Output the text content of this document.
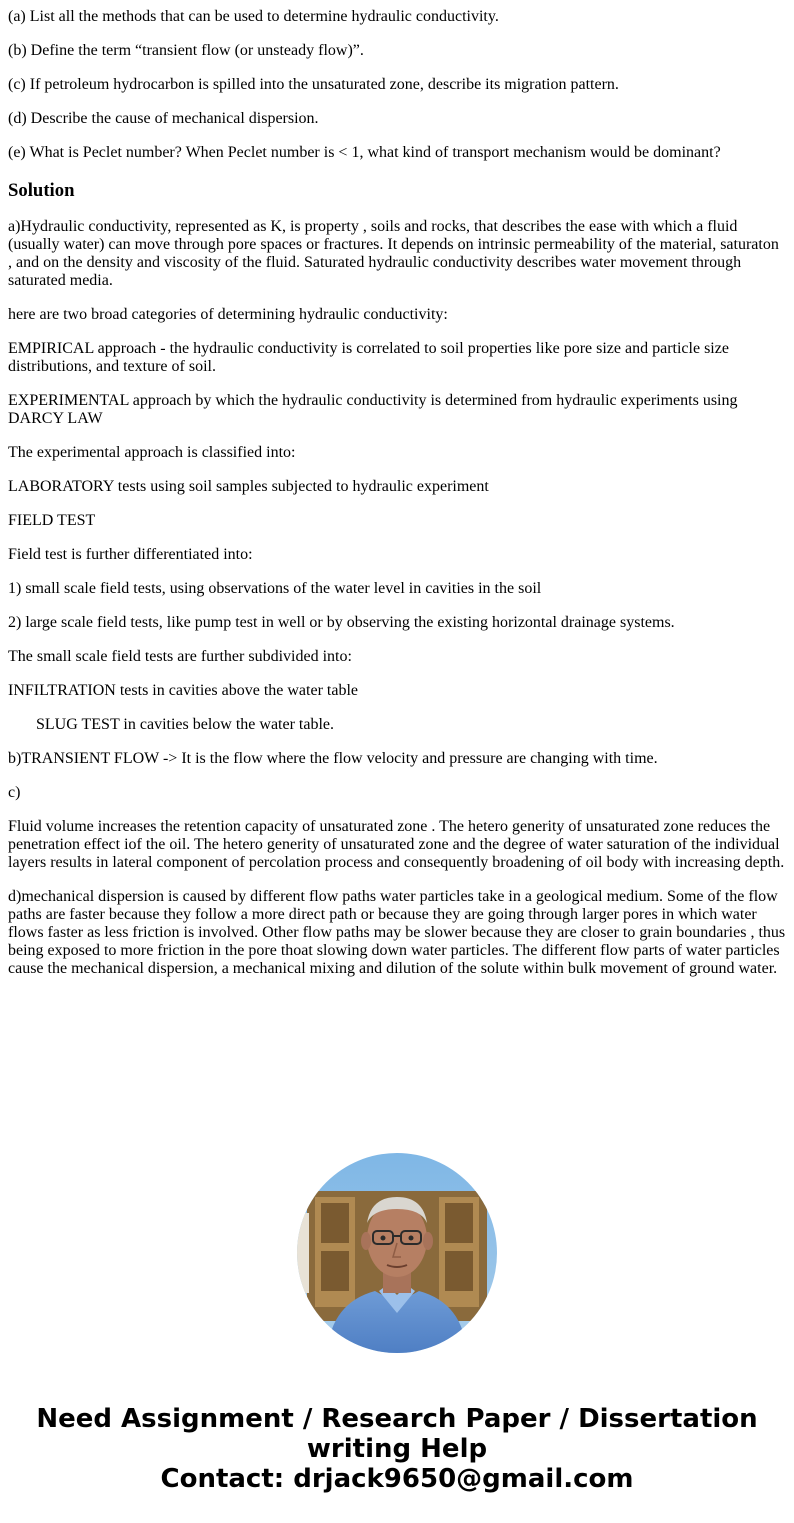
(a) List all the methods that can be used to determine hydraulic conductivity.

(b) Define the term “transient flow (or unsteady flow)”.

(c) If petroleum hydrocarbon is spilled into the unsaturated zone, describe its migration pattern.

(d) Describe the cause of mechanical dispersion.

(e) What is Peclet number? When Peclet number is < 1, what kind of transport mechanism would be dominant?

Solution

a)Hydraulic conductivity, represented as K, is property , soils and rocks, that describes the ease with which a fluid (usually water) can move through pore spaces or fractures. It depends on intrinsic permeability of the material, saturaton , and on the density and viscosity of the fluid. Saturated hydraulic conductivity describes water movement through saturated media.

here are two broad categories of determining hydraulic conductivity:

EMPIRICAL approach - the hydraulic conductivity is correlated to soil properties like pore size and particle size distributions, and texture of soil.

EXPERIMENTAL approach by which the hydraulic conductivity is determined from hydraulic experiments using DARCY LAW

The experimental approach is classified into:

LABORATORY tests using soil samples subjected to hydraulic experiment

FIELD TEST

Field test is further differentiated into:

1) small scale field tests, using observations of the water level in cavities in the soil

2) large scale field tests, like pump test in well or by observing the existing horizontal drainage systems.

The small scale field tests are further subdivided into:

INFILTRATION tests in cavities above the water table

SLUG TEST in cavities below the water table.

b)TRANSIENT FLOW -> It is the flow where the flow velocity and pressure are changing with time.

c)

Fluid volume increases the retention capacity of unsaturated zone . The hetero generity of unsaturated zone reduces the penetration effect iof the oil. The hetero generity of unsaturated zone and the degree of water saturation of the individual layers results in lateral component of percolation process and consequently broadening of oil body with increasing depth.

d)mechanical dispersion is caused by different flow paths water particles take in a geological medium. Some of the flow paths are faster because they follow a more direct path or because they are going through larger pores in which water flows faster as less friction is involved. Other flow paths may be slower because they are closer to grain boundaries , thus being exposed to more friction in the pore thoat slowing down water particles. The different flow parts of water particles cause the mechanical dispersion, a mechanical mixing and dilution of the solute within bulk movement of ground water.

Need Assignment / Research Paper / Dissertation
writing Help
Contact: drjack9650@gmail.com
